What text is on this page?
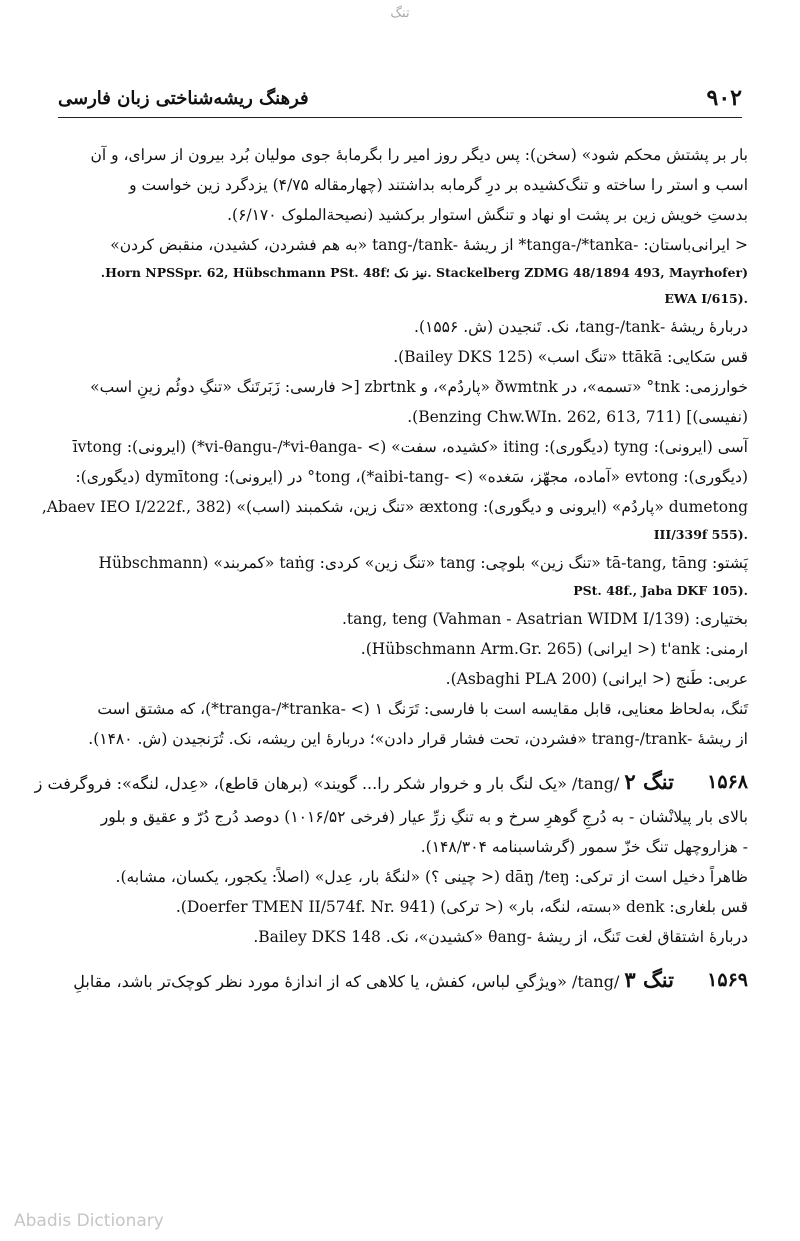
تنگ
۹۰۲
فرهنگ ریشه‌شناختی زبان فارسی
بار بر پشتش محکم شود» (سخن): پس دیگر روز امیر را بگرمابهٔ جوی مولیان بُرد بیرون از سرای، و آن
اسب و استر را ساخته و تنگ‌کشیده بر درِ گرمابه بداشتند (چهارمقاله ۴/۷۵) یزدگرد زین خواست و
بدستِ خویش زین بر پشت او نهاد و تنگش استوار برکشید (نصیحة‌الملوک ۶/۱۷۰).
< ایرانی‌باستان: -tanga-/*tanka* از ریشهٔ -tang-/tank «به هم فشردن، کشیدن، منقبض کردن»
(Stackelberg ZDMG 48/1894 493, Mayrhofer .نیز نک ؛Horn NPSSpr. 62, Hübschmann PSt. 48f.
.(EWA I/615
دربارهٔ ریشهٔ -tang-/tank، نک. تَنجیدن (ش. ۱۵۵۶).
قس سَکایی: ttākā «تنگ اسب» (Bailey DKS 125).
خوارزمی: tnk° «تسمه»، در ðwmtnk «پاردُم»، و zbrtnk [< فارسی: زَبَرتَنگ «تنگِ دوئُم زینِ اسب»
(نفیسی)] (Benzing Chw.WIn. 262, 613, 711).
آسی (ایرونی): tyng (دیگوری): iting «کشیده، سفت» (> -vi-θangu-/*vi-θanga*) (ایرونی): īvtong
(دیگوری): evtong «آماده، مجهّز، سَغده» (> -aibi-tang*)، tong° در (ایرونی): dymītong (دیگوری):
dumetong «پاردُم» (ایرونی و دیگوری): æxtong «تنگ زین، شکمبند (اسب)» (Abaev IEO I/222f., 382,
.(555 III/339f
پَشتو: tā-tang, tāng «تنگ زین» بلوچی: tang «تنگ زین» کردی: taṅg «کمربند» (Hübschmann
.(PSt. 48f., Jaba DKF 105
بختیاری: tang, teng (Vahman - Asatrian WIDM I/139).
ارمنی: t'ank (< ایرانی) (Hübschmann Arm.Gr. 265).
عربی: طَنج (< ایرانی) (Asbaghi PLA 200).
تَنگ، به‌لحاظ معنایی، قابل مقایسه است با فارسی: تَرَنگ ۱ (> -tranga-/*tranka*)، که مشتق است
از ریشهٔ -trang-/trank «فشردن، تحت فشار قرار دادن»؛ دربارهٔ این ریشه، نک. تُرَنجیدن (ش. ۱۴۸۰).
۱۵۶۸
تنگ ۲ /tang/ «یک لنگ بار و خروار شکر را... گویند» (برهان قاطع)، «عِدل، لنگه»: فروگرفت ز
بالای بار پیلانْشان - به دُرجِ گوهرِ سرخ و به تنگِ زرِّ عیار (فرخی ۱۰۱۶/۵۲) دوصد دُرج دُرّ و عقیق و بلور
- هزاروچهل تنگ خزّ سمور (گرشاسبنامه ۱۴۸/۳۰۴).
ظاهراً دخیل است از ترکی: dāŋ /teŋ (< چینی ؟) «لنگهٔ بار، عِدل» (اصلاً: یکجور، یکسان، مشابه).
قس بلغاری: denk «بسته، لنگه، بار» (< ترکی) (Doerfer TMEN II/574f. Nr. 941).
دربارهٔ اشتقاق لغت تَنگ، از ریشهٔ -θang «کشیدن»، نک. Bailey DKS 148.
۱۵۶۹
تنگ ۳ /tang/ «ویژگیِ لباس، کفش، یا کلاهی که از اندازهٔ مورد نظر کوچک‌تر باشد، مقابلِ
Abadis Dictionary
